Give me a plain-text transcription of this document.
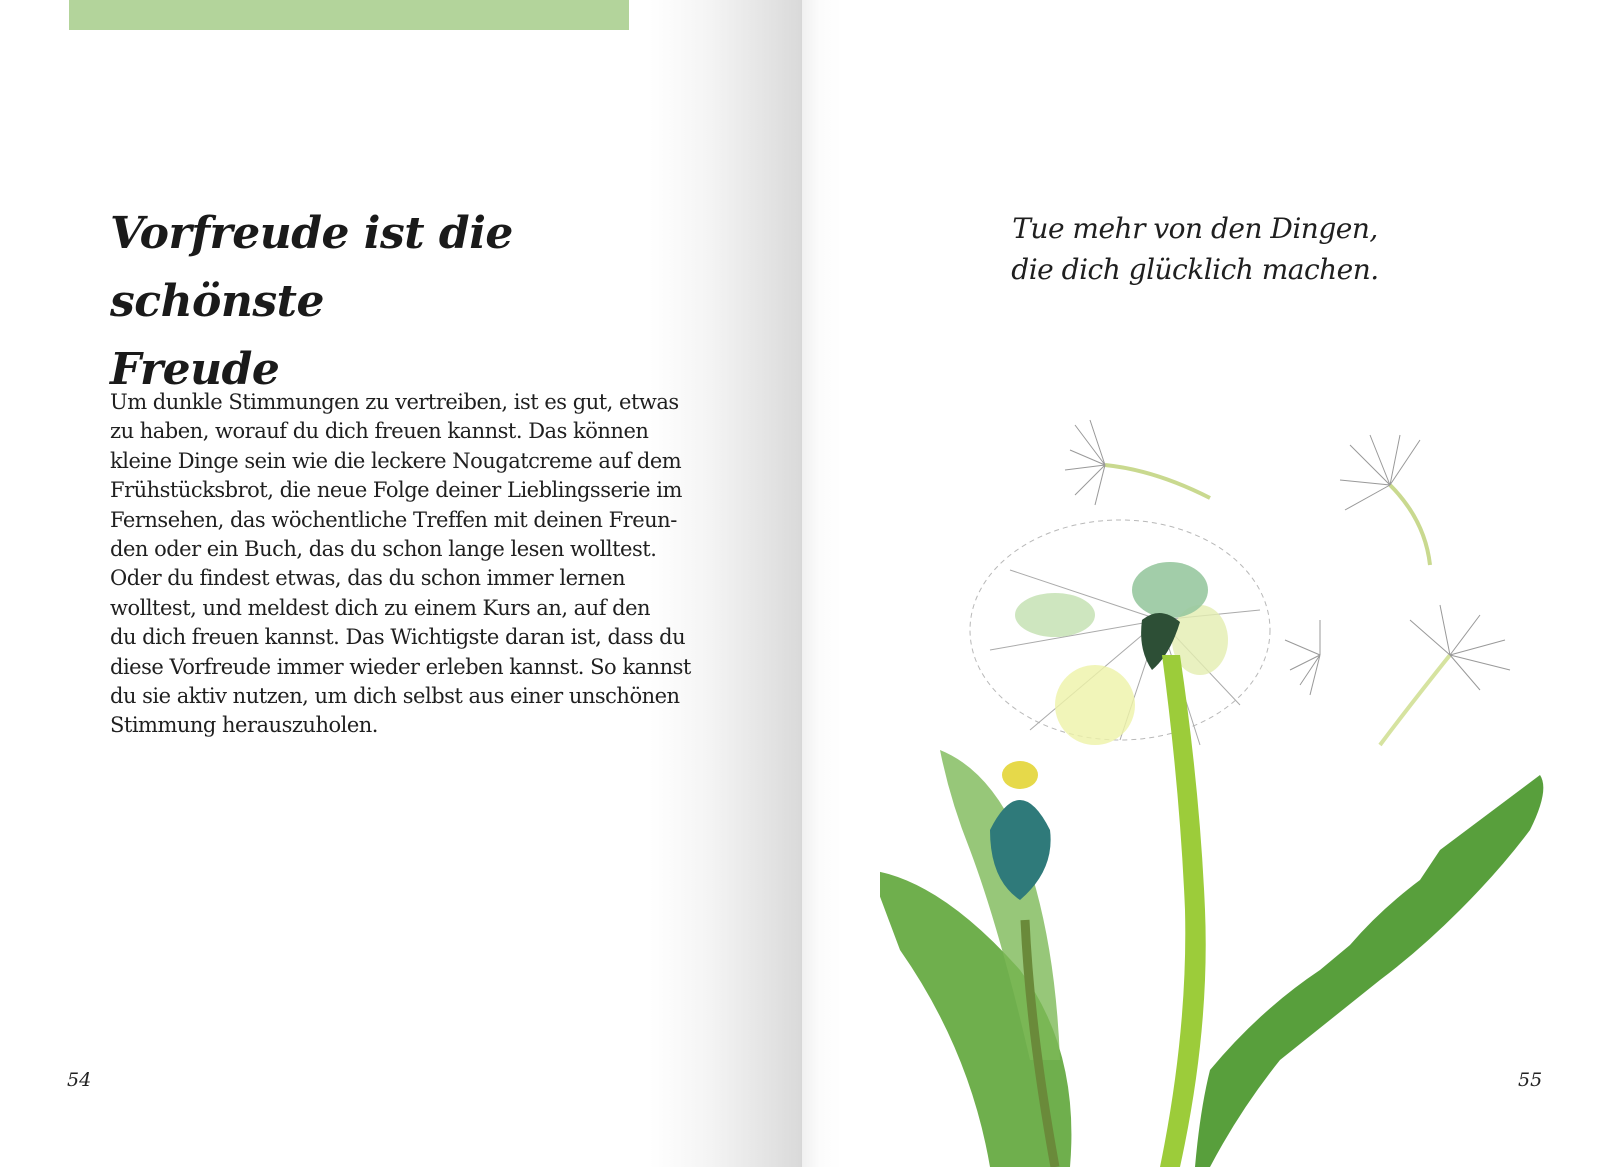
Vorfreude ist die schönste
Freude
Um dunkle Stimmungen zu vertreiben, ist es gut, etwas
zu haben, worauf du dich freuen kannst. Das können
kleine Dinge sein wie die leckere Nougatcreme auf dem
Frühstücksbrot, die neue Folge deiner Lieblingsserie im
Fernsehen, das wöchentliche Treffen mit deinen Freun-
den oder ein Buch, das du schon lange lesen wolltest.
Oder du findest etwas, das du schon immer lernen
wolltest, und meldest dich zu einem Kurs an, auf den
du dich freuen kannst. Das Wichtigste daran ist, dass du
diese Vorfreude immer wieder erleben kannst. So kannst
du sie aktiv nutzen, um dich selbst aus einer unschönen
Stimmung herauszuholen.
54
Tue mehr von den Dingen,
die dich glücklich machen.
55
